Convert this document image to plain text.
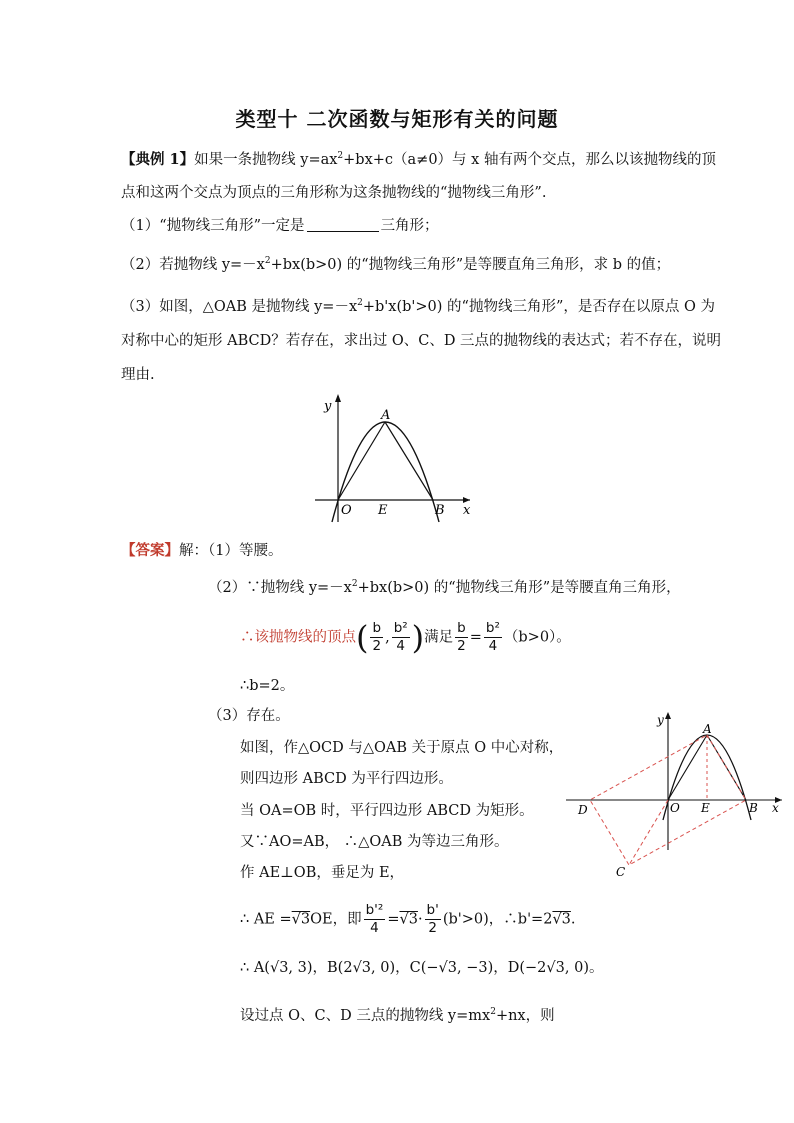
类型十 二次函数与矩形有关的问题
【典例 1】如果一条抛物线 $y=ax^2+bx+c(a\ne 0)$与 x 轴有两个交点，那么以该抛物线的顶
点和这两个交点为顶点的三角形称为这条抛物线的“抛物线三角形”.
（1）“抛物线三角形”一定是	三角形；
（2）若抛物线 $y=-x^2+bx(b>0)$ 的“抛物线三角形”是等腰直角三角形，求 b 的值；
（3）如图，△OAB 是抛物线 $y=-x^2+b'x(b'>0)$ 的“抛物线三角形”，是否存在以原点 O 为
对称中心的矩形 ABCD？若存在，求出过 O、C、D 三点的抛物线的表达式；若不存在，说明
理由.
y
A
O E	B x
【答案】解：（1）等腰。
（2）∵抛物线 $y=-x^2+bx(b>0)$ 的“抛物线三角形”是等腰直角三角形，
∴该抛物线的顶点( $\frac{b}{2}$ , $\frac{\text{b²}}{4}$ )满足 $\frac{b}{2} = \frac{\text{b²}}{4} (b>0)$。
∴b=2。
（3）存在。
如图，作△OCD 与△OAB 关于原点 O 中心对称，
则四边形 ABCD 为平行四边形。
当 OA=OB 时，平行四边形 ABCD 为矩形。
又∵AO=AB， ∴△OAB 为等边三角形。
作 AE⊥OB，垂足为 E，
∴ AE =√3OE，即 $\frac{\text{b'²}}{4} =√3\cdot \frac{b'}{2} (b'>0)$，∴b'=2√3.
∴ A(√3, 3)，B(2√3, 0)，C(−√3, −3)，D(−2√3, 0)。
设过点 O、C、D 三点的抛物线 $y=mx^2+nx$，则
y
A
D	O E	B x
C
